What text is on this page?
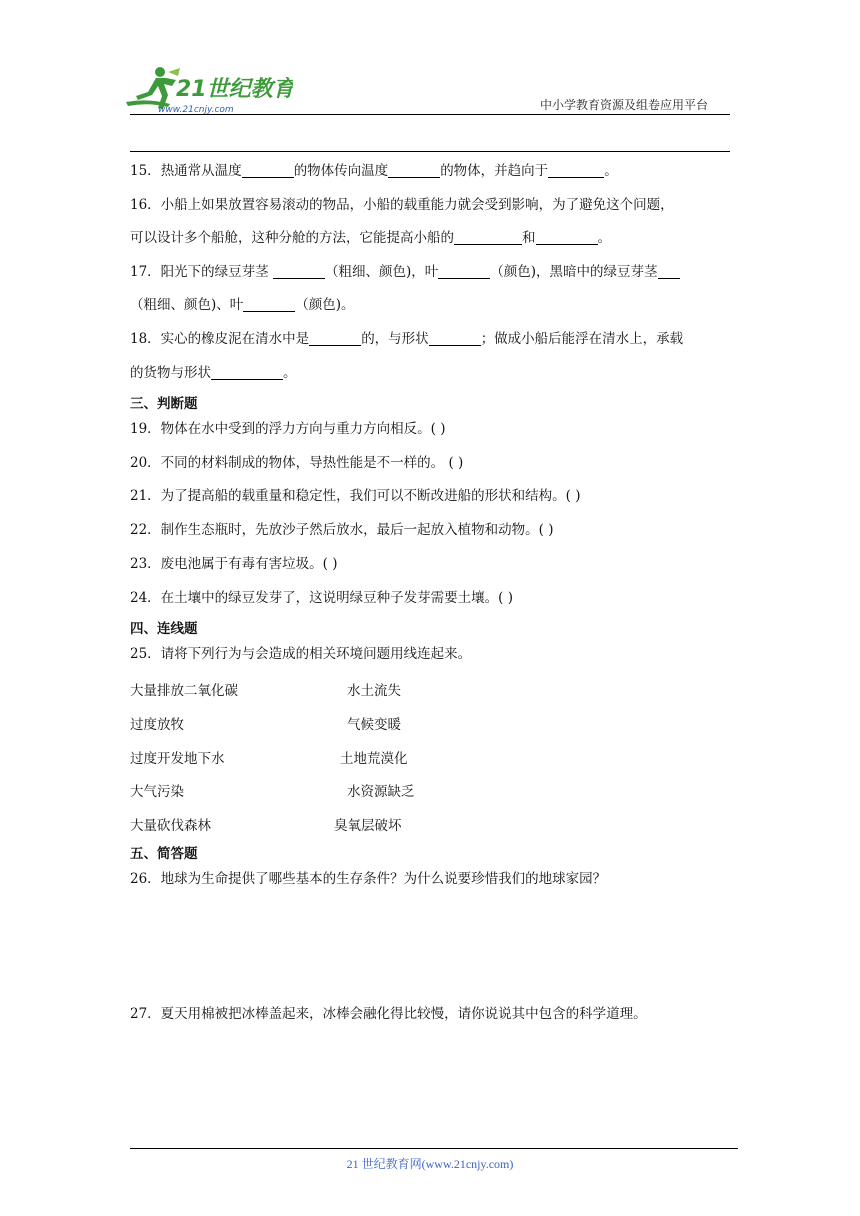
21世纪教育
www.21cnjy.com	中小学教育资源及组卷应用平台
15．热通常从温度	的物体传向温度	的物体，并趋向于	。
16．小船上如果放置容易滚动的物品，小船的载重能力就会受到影响，为了避免这个问题，
可以设计多个船舱，这种分舱的方法，它能提高小船的	和	。
17．阳光下的绿豆芽茎	（粗细、颜色)，叶	（颜色)，黑暗中的绿豆芽茎
（粗细、颜色)、叶	（颜色)。
18．实心的橡皮泥在清水中是	的，与形状	；做成小船后能浮在清水上，承载
的货物与形状	。
三、判断题
19．物体在水中受到的浮力方向与重力方向相反。( )
20．不同的材料制成的物体，导热性能是不一样的。 ( )
21．为了提高船的载重量和稳定性，我们可以不断改进船的形状和结构。( )
22．制作生态瓶时，先放沙子然后放水，最后一起放入植物和动物。( )
23．废电池属于有毒有害垃圾。( )
24．在土壤中的绿豆发芽了，这说明绿豆种子发芽需要土壤。( )
四、连线题
25．请将下列行为与会造成的相关环境问题用线连起来。
大量排放二氧化碳	水土流失
过度放牧	气候变暖
过度开发地下水	土地荒漠化
大气污染	水资源缺乏
大量砍伐森林	臭氧层破坏
五、简答题
26．地球为生命提供了哪些基本的生存条件？为什么说要珍惜我们的地球家园？
27．夏天用棉被把冰棒盖起来，冰棒会融化得比较慢，请你说说其中包含的科学道理。
21 世纪教育网(www.21cnjy.com)
